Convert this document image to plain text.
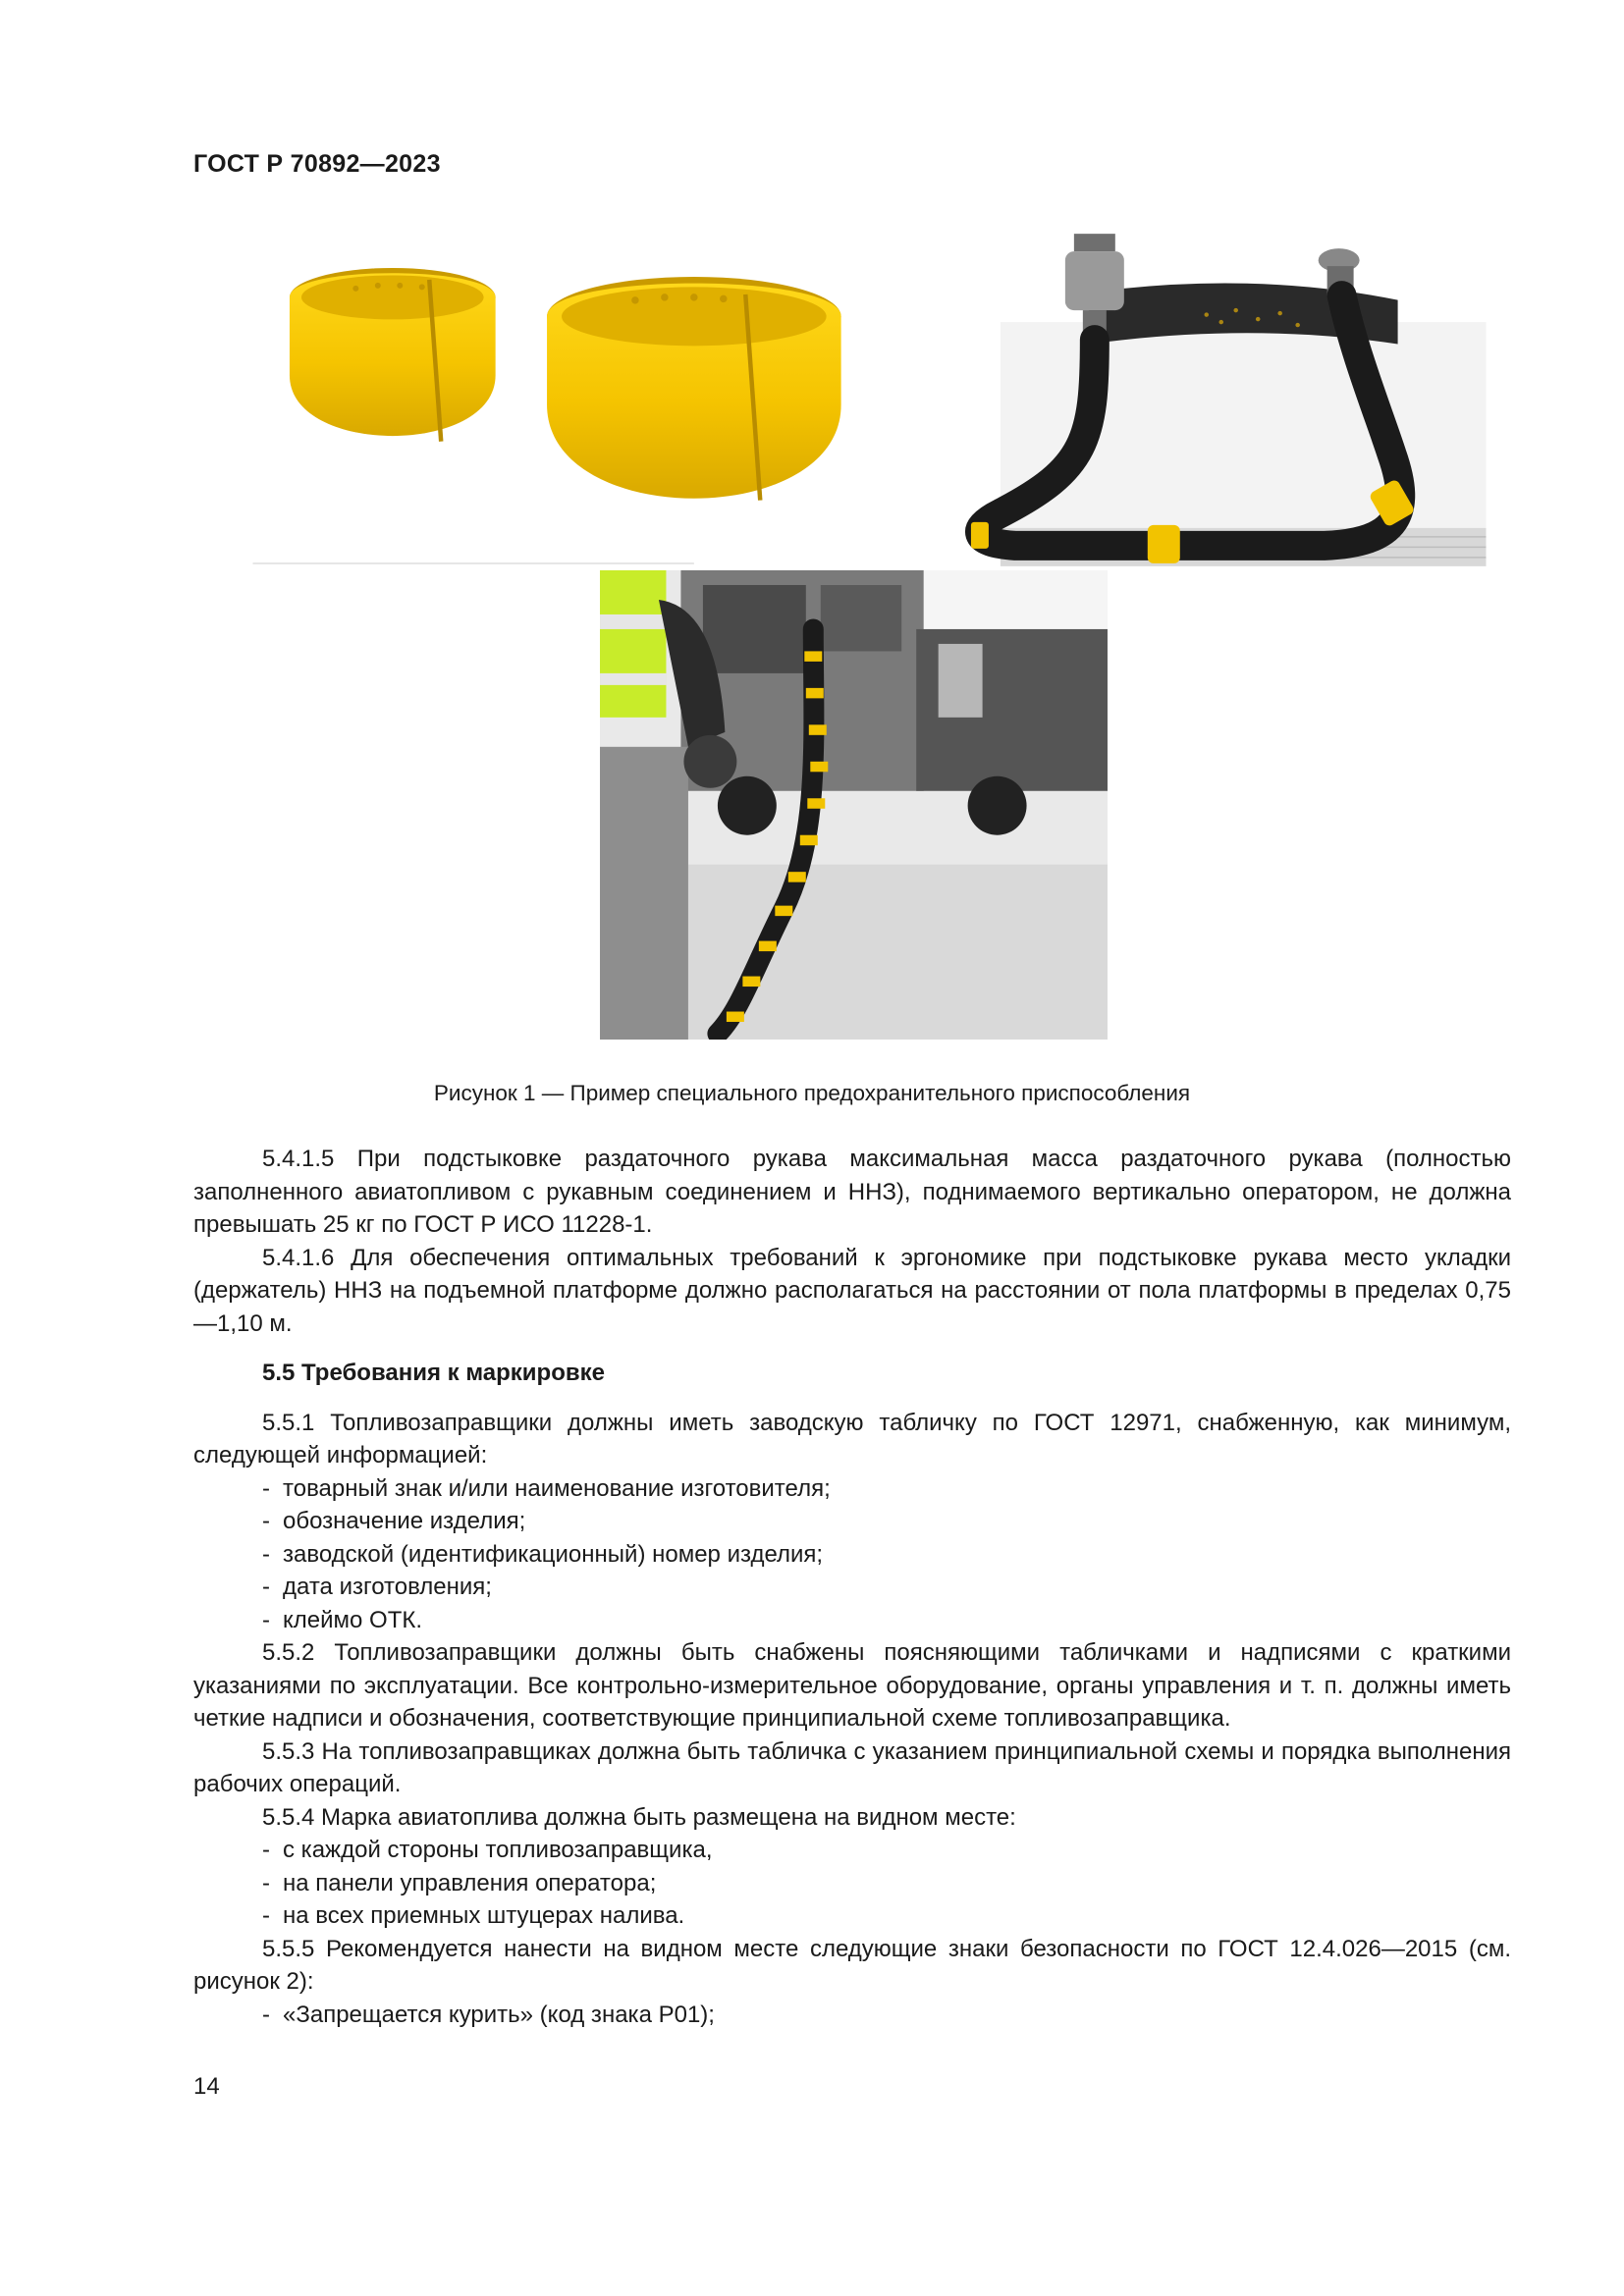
ГОСТ Р 70892—2023
Рисунок 1 — Пример специального предохранительного приспособления

5.4.1.5 При подстыковке раздаточного рукава максимальная масса раздаточного рукава (полностью заполненного авиатопливом с рукавным соединением и ННЗ), поднимаемого вертикально оператором, не должна превышать 25 кг по ГОСТ Р ИСО 11228-1.

5.4.1.6 Для обеспечения оптимальных требований к эргономике при подстыковке рукава место укладки (держатель) ННЗ на подъемной платформе должно располагаться на расстоянии от пола платформы в пределах 0,75—1,10 м.

5.5 Требования к маркировке

5.5.1 Топливозаправщики должны иметь заводскую табличку по ГОСТ 12971, снабженную, как минимум, следующей информацией:

- товарный знак и/или наименование изготовителя;

- обозначение изделия;

- заводской (идентификационный) номер изделия;

- дата изготовления;

- клеймо ОТК.

5.5.2 Топливозаправщики должны быть снабжены поясняющими табличками и надписями с краткими указаниями по эксплуатации. Все контрольно-измерительное оборудование, органы управления и т. п. должны иметь четкие надписи и обозначения, соответствующие принципиальной схеме топливозаправщика.

5.5.3 На топливозаправщиках должна быть табличка с указанием принципиальной схемы и порядка выполнения рабочих операций.

5.5.4 Марка авиатоплива должна быть размещена на видном месте:

- с каждой стороны топливозаправщика,

- на панели управления оператора;

- на всех приемных штуцерах налива.

5.5.5 Рекомендуется нанести на видном месте следующие знаки безопасности по ГОСТ 12.4.026—2015 (см. рисунок 2):

- «Запрещается курить» (код знака P01);

14
